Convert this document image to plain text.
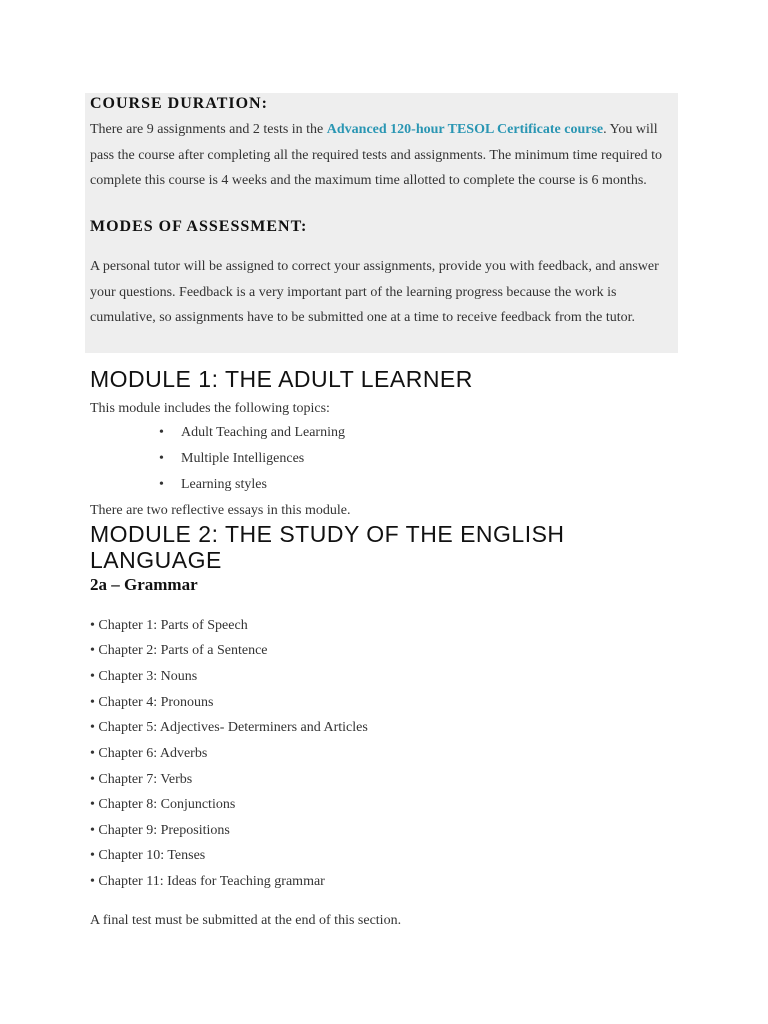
COURSE DURATION:

There are 9 assignments and 2 tests in the Advanced 120-hour TESOL Certificate course. You will pass the course after completing all the required tests and assignments. The minimum time required to complete this course is 4 weeks and the maximum time allotted to complete the course is 6 months.

MODES OF ASSESSMENT:

A personal tutor will be assigned to correct your assignments, provide you with feedback, and answer your questions. Feedback is a very important part of the learning progress because the work is cumulative, so assignments have to be submitted one at a time to receive feedback from the tutor.

MODULE 1: THE ADULT LEARNER

This module includes the following topics:

• Adult Teaching and Learning
• Multiple Intelligences
• Learning styles

There are two reflective essays in this module.

MODULE 2: THE STUDY OF THE ENGLISH LANGUAGE
2a – Grammar
• Chapter 1: Parts of Speech
• Chapter 2: Parts of a Sentence
• Chapter 3: Nouns
• Chapter 4: Pronouns
• Chapter 5: Adjectives- Determiners and Articles
• Chapter 6: Adverbs
• Chapter 7: Verbs
• Chapter 8: Conjunctions
• Chapter 9: Prepositions
• Chapter 10: Tenses
• Chapter 11: Ideas for Teaching grammar

A final test must be submitted at the end of this section.
